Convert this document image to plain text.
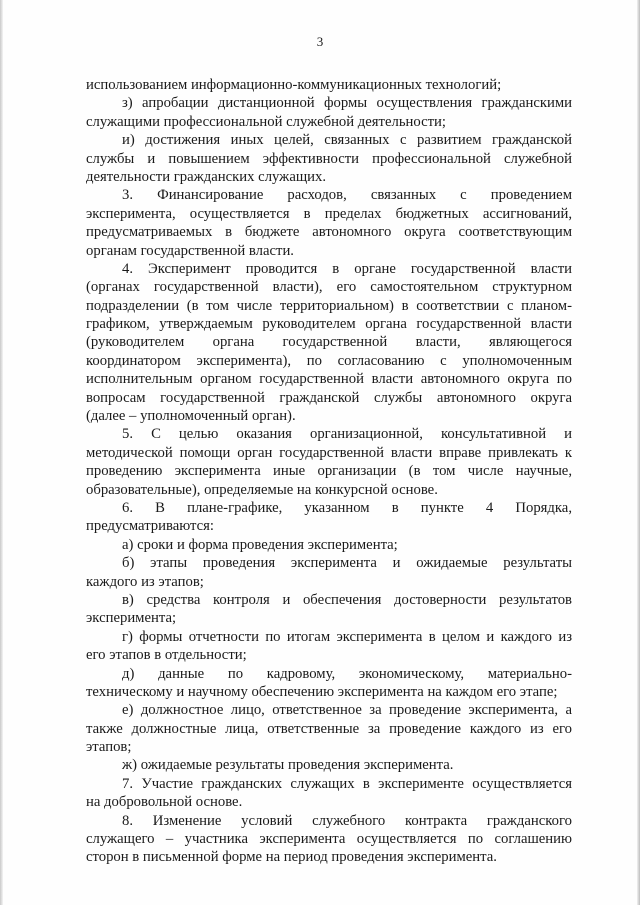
3
использованием информационно-коммуникационных технологий;
з) апробации дистанционной формы осуществления гражданскими
служащими профессиональной служебной деятельности;
и) достижения иных целей, связанных с развитием гражданской
службы и повышением эффективности профессиональной служебной
деятельности гражданских служащих.
3. Финансирование расходов, связанных с проведением
эксперимента, осуществляется в пределах бюджетных ассигнований,
предусматриваемых в бюджете автономного округа соответствующим
органам государственной власти.
4. Эксперимент проводится в органе государственной власти
(органах государственной власти), его самостоятельном структурном
подразделении (в том числе территориальном) в соответствии с планом-
графиком, утверждаемым руководителем органа государственной власти
(руководителем органа государственной власти, являющегося
координатором эксперимента), по согласованию с уполномоченным
исполнительным органом государственной власти автономного округа по
вопросам государственной гражданской службы автономного округа
(далее – уполномоченный орган).
5. С целью оказания организационной, консультативной и
методической помощи орган государственной власти вправе привлекать к
проведению эксперимента иные организации (в том числе научные,
образовательные), определяемые на конкурсной основе.
6. В плане-графике, указанном в пункте 4 Порядка,
предусматриваются:
а) сроки и форма проведения эксперимента;
б) этапы проведения эксперимента и ожидаемые результаты
каждого из этапов;
в) средства контроля и обеспечения достоверности результатов
эксперимента;
г) формы отчетности по итогам эксперимента в целом и каждого из
его этапов в отдельности;
д) данные по кадровому, экономическому, материально-
техническому и научному обеспечению эксперимента на каждом его этапе;
е) должностное лицо, ответственное за проведение эксперимента, а
также должностные лица, ответственные за проведение каждого из его
этапов;
ж) ожидаемые результаты проведения эксперимента.
7. Участие гражданских служащих в эксперименте осуществляется
на добровольной основе.
8. Изменение условий служебного контракта гражданского
служащего – участника эксперимента осуществляется по соглашению
сторон в письменной форме на период проведения эксперимента.
